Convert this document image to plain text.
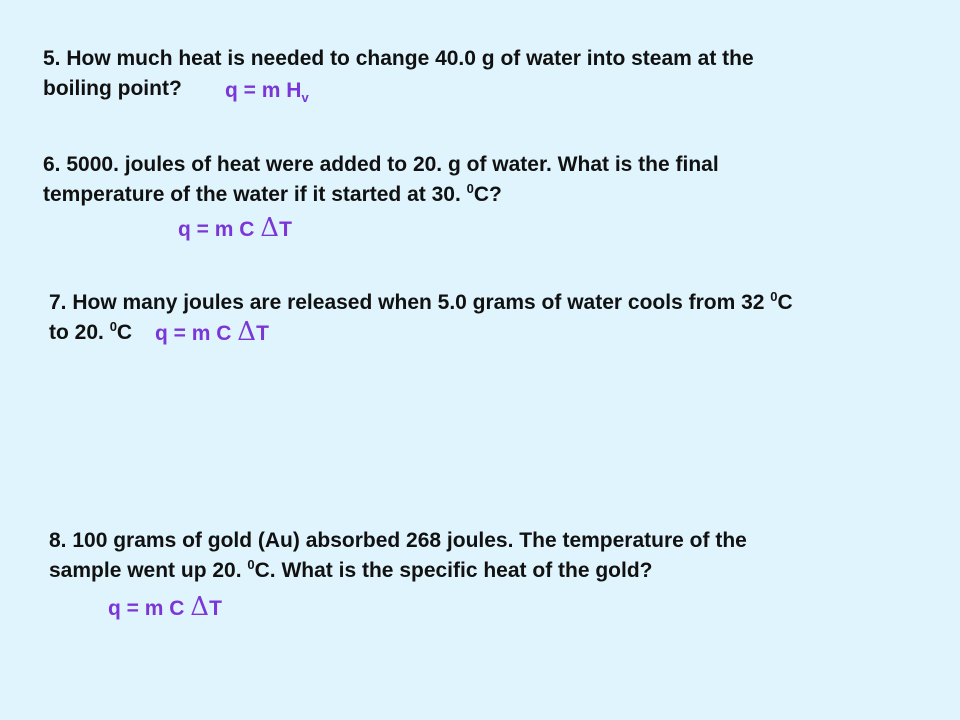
5. How much heat is needed to change 40.0 g of water into steam at the
boiling point?	q = m $H_v$

6. 5000. joules of heat were added to 20. g of water. What is the final
temperature of the water if it started at 30. $^0$C?

q = m C ΔT

7. How many joules are released when 5.0 grams of water cools from 32 $^0$C
to 20. $^0$C	q = m C ΔT

8. 100 grams of gold (Au) absorbed 268 joules. The temperature of the
sample went up 20. $^0$C. What is the specific heat of the gold?

q = m C ΔT
